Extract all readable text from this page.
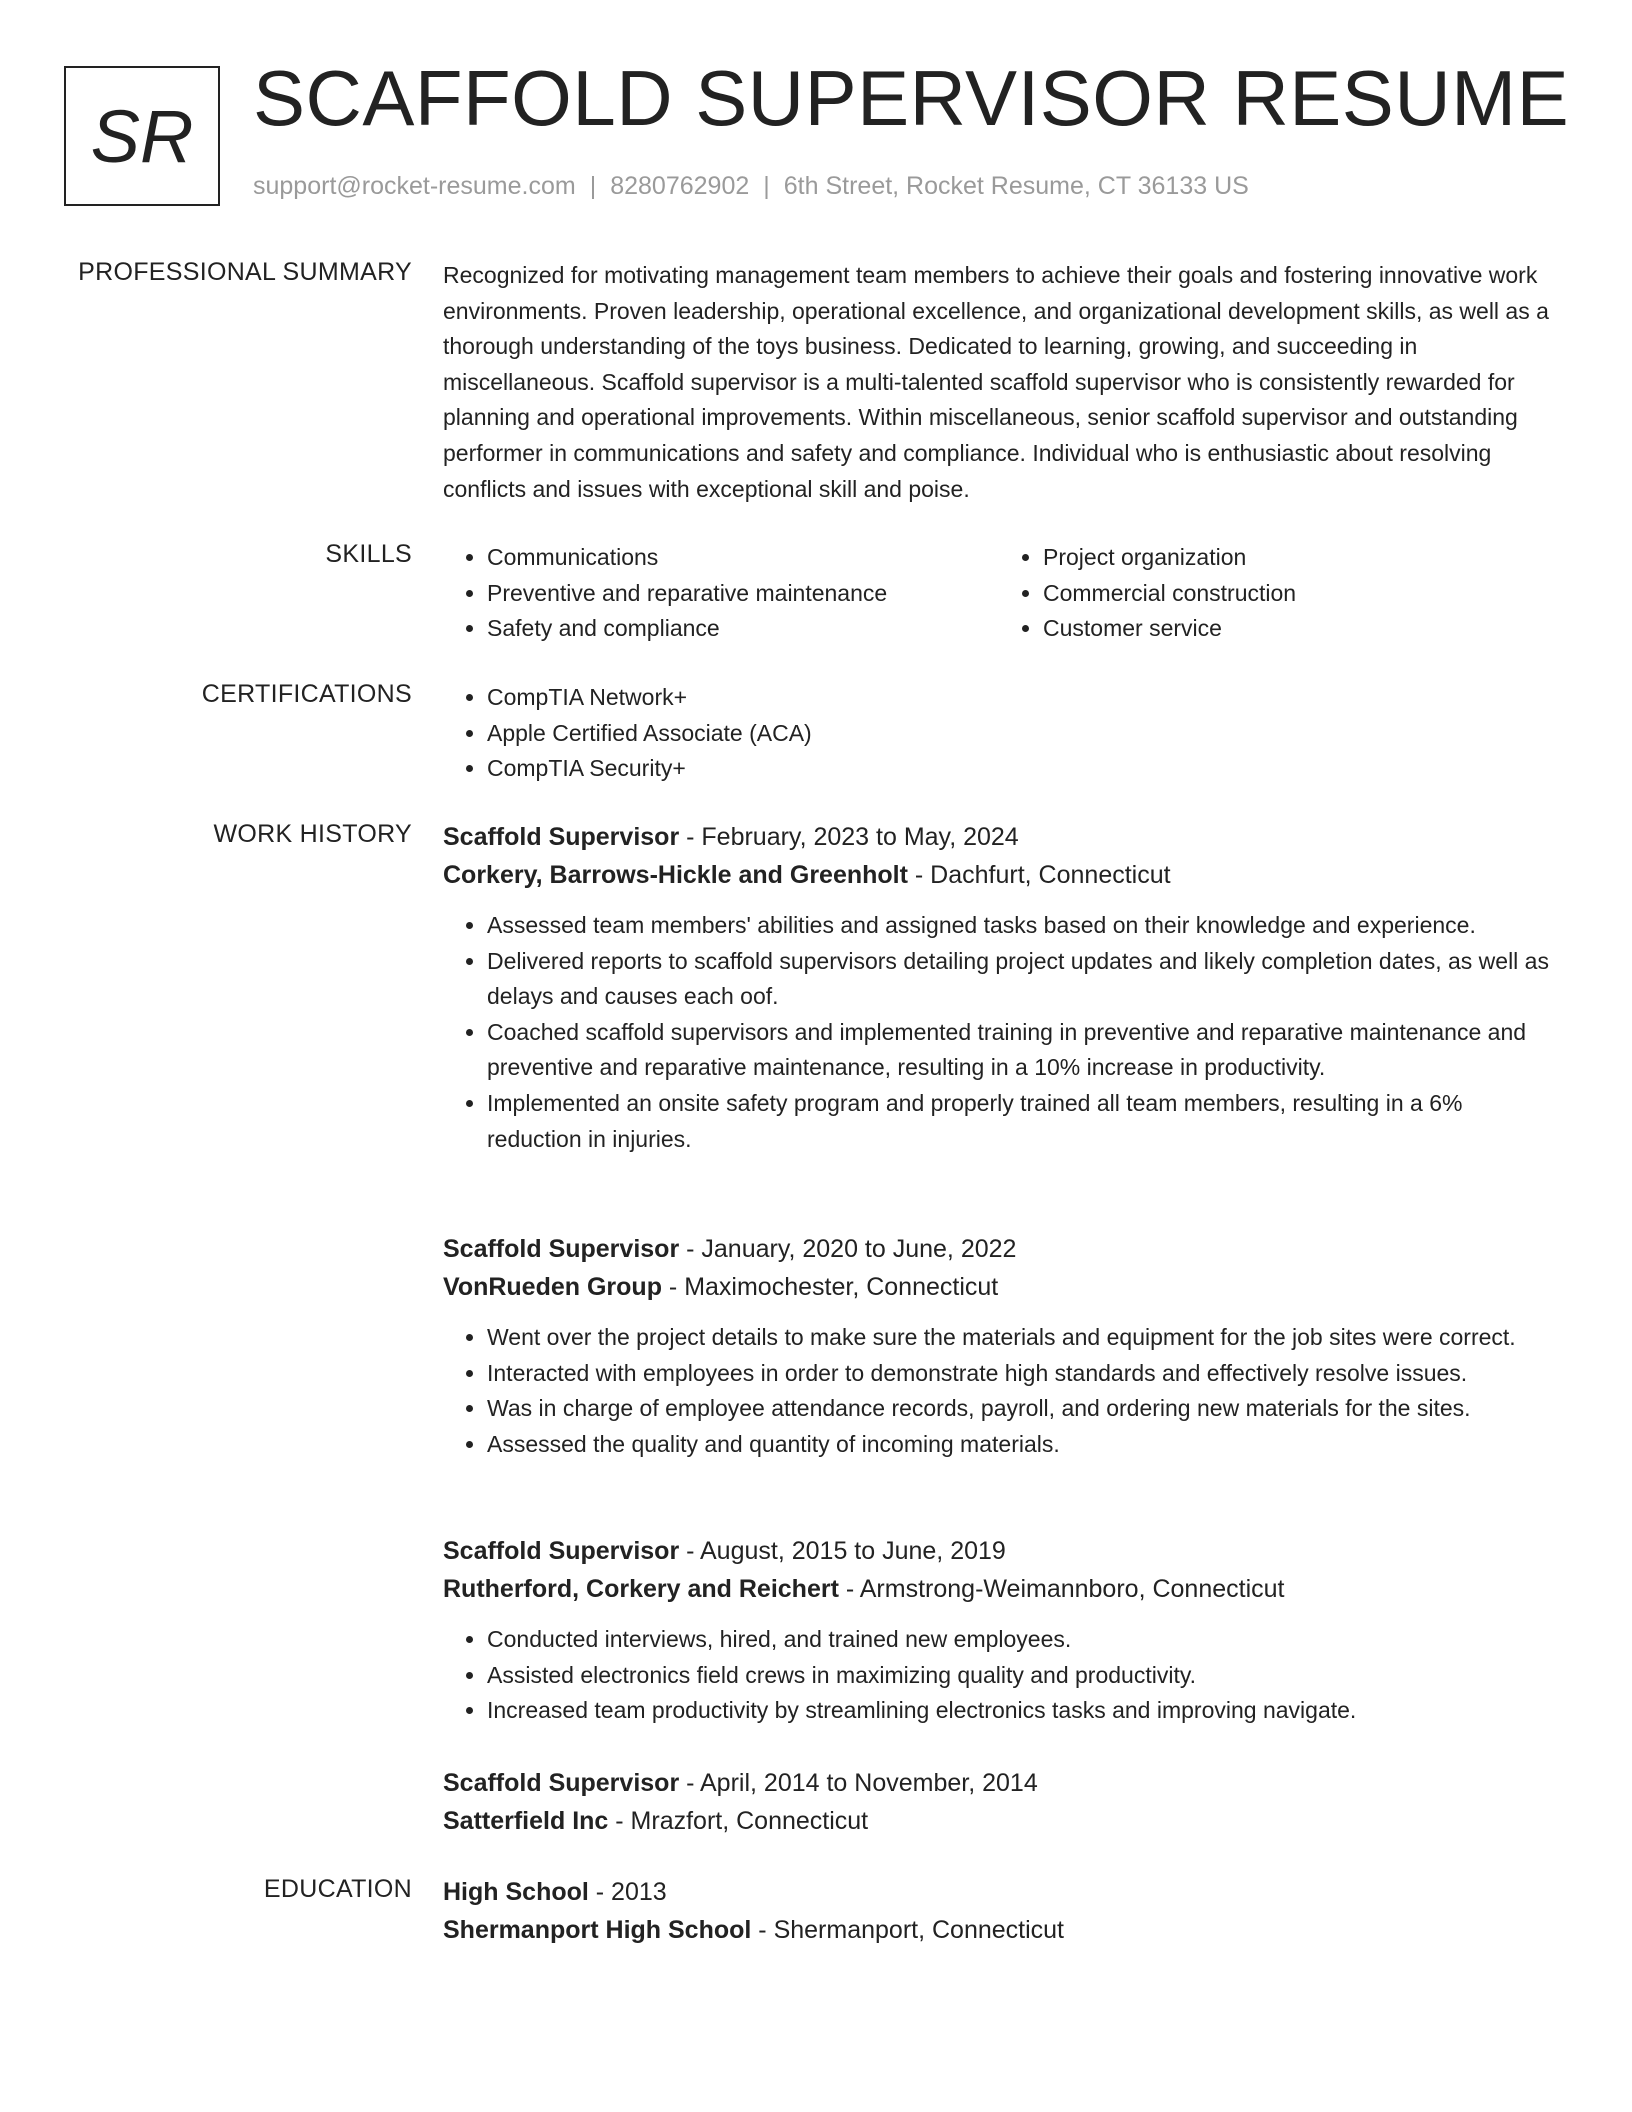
SR SCAFFOLD SUPERVISOR RESUME
support@rocket-resume.com | 8280762902 | 6th Street, Rocket Resume, CT 36133 US
PROFESSIONAL SUMMARY Recognized for motivating management team members to achieve their goals and fostering innovative work environments. Proven leadership, operational excellence, and organizational development skills, as well as a thorough understanding of the toys business. Dedicated to learning, growing, and succeeding in miscellaneous. Scaffold supervisor is a multi-talented scaffold supervisor who is consistently rewarded for planning and operational improvements. Within miscellaneous, senior scaffold supervisor and outstanding performer in communications and safety and compliance. Individual who is enthusiastic about resolving conflicts and issues with exceptional skill and poise.

SKILLS	• Communications
• Preventive and reparative maintenance
• Safety and compliance
• Project organization
• Commercial construction
• Customer service
CERTIFICATIONS	• CompTIA Network+
• Apple Certified Associate (ACA)
• CompTIA Security+
WORK HISTORY Scaffold Supervisor - February, 2023 to May, 2024
Corkery, Barrows-Hickle and Greenholt - Dachfurt, Connecticut
• Assessed team members' abilities and assigned tasks based on their knowledge and experience.
• Delivered reports to scaffold supervisors detailing project updates and likely completion dates, as well as delays and causes each oof.
• Coached scaffold supervisors and implemented training in preventive and reparative maintenance and preventive and reparative maintenance, resulting in a 10% increase in productivity.
• Implemented an onsite safety program and properly trained all team members, resulting in a 6% reduction in injuries.
Scaffold Supervisor - January, 2020 to June, 2022
VonRueden Group - Maximochester, Connecticut
• Went over the project details to make sure the materials and equipment for the job sites were correct.
• Interacted with employees in order to demonstrate high standards and effectively resolve issues.
• Was in charge of employee attendance records, payroll, and ordering new materials for the sites.
• Assessed the quality and quantity of incoming materials.
Scaffold Supervisor - August, 2015 to June, 2019
Rutherford, Corkery and Reichert - Armstrong-Weimannboro, Connecticut
• Conducted interviews, hired, and trained new employees.
• Assisted electronics field crews in maximizing quality and productivity.
• Increased team productivity by streamlining electronics tasks and improving navigate.
Scaffold Supervisor - April, 2014 to November, 2014
Satterfield Inc - Mrazfort, Connecticut
EDUCATION High School - 2013
Shermanport High School - Shermanport, Connecticut
